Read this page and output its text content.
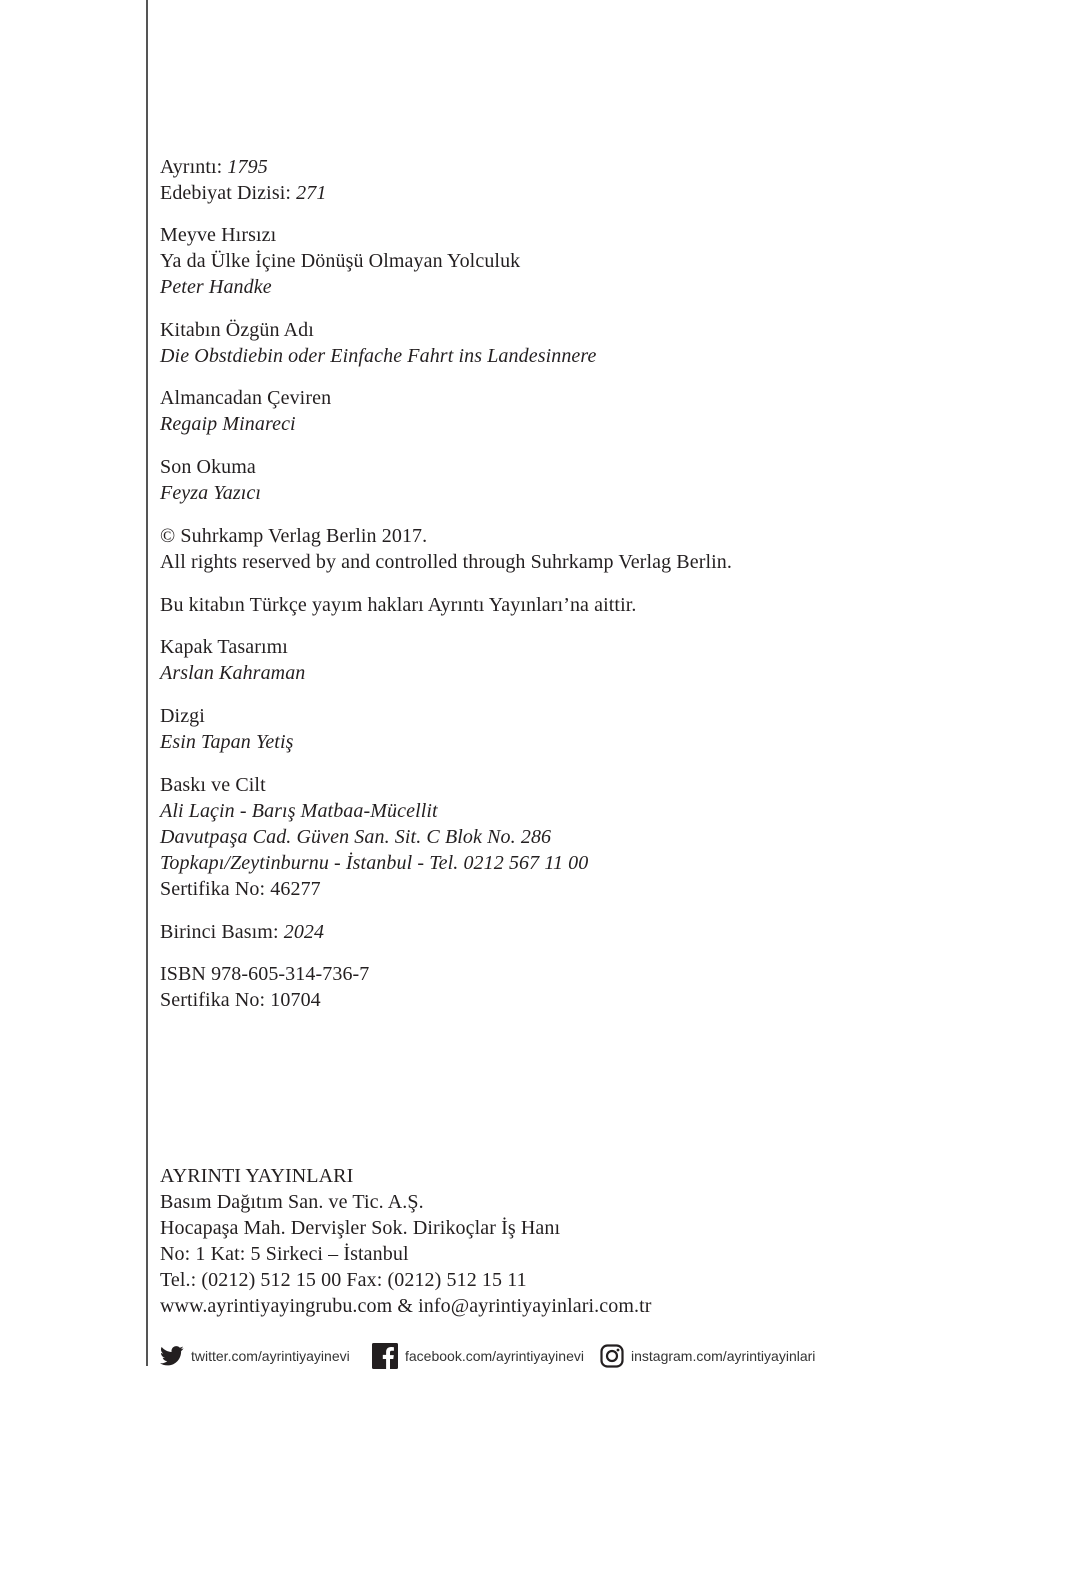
Ayrıntı: 1795
Edebiyat Dizisi: 271
Meyve Hırsızı
Ya da Ülke İçine Dönüşü Olmayan Yolculuk
Peter Handke
Kitabın Özgün Adı
Die Obstdiebin oder Einfache Fahrt ins Landesinnere
Almancadan Çeviren
Regaip Minareci
Son Okuma
Feyza Yazıcı
© Suhrkamp Verlag Berlin 2017.
All rights reserved by and controlled through Suhrkamp Verlag Berlin.
Bu kitabın Türkçe yayım hakları Ayrıntı Yayınları’na aittir.
Kapak Tasarımı
Arslan Kahraman
Dizgi
Esin Tapan Yetiş
Baskı ve Cilt
Ali Laçin - Barış Matbaa-Mücellit
Davutpaşa Cad. Güven San. Sit. C Blok No. 286
Topkapı/Zeytinburnu - İstanbul - Tel. 0212 567 11 00
Sertifika No: 46277
Birinci Basım: 2024
ISBN 978-605-314-736-7
Sertifika No: 10704
AYRINTI YAYINLARI
Basım Dağıtım San. ve Tic. A.Ş.
Hocapaşa Mah. Dervişler Sok. Dirikoçlar İş Hanı
No: 1 Kat: 5 Sirkeci – İstanbul
Tel.: (0212) 512 15 00 Fax: (0212) 512 15 11
www.ayrintiyayingrubu.com & info@ayrintiyayinlari.com.tr
twitter.com/ayrintiyayinevi	facebook.com/ayrintiyayinevi	instagram.com/ayrintiyayinlari
